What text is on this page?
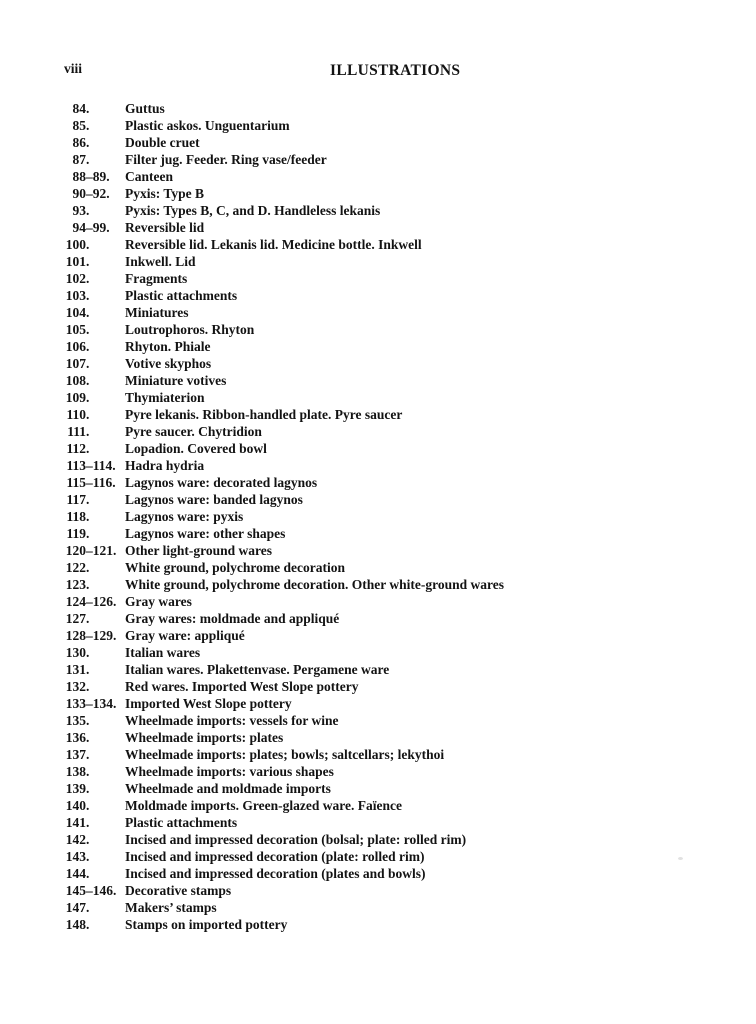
viii	ILLUSTRATIONS
84 .	Guttus
85 .	Plastic askos. Unguentarium
86 .	Double cruet
87 .	Filter jug. Feeder. Ring vase/feeder
88 –89. Canteen
90 –92. Pyxis: Type B
93 .	Pyxis: Types B, C, and D. Handleless lekanis
94 –99. Reversible lid
100 .	Reversible lid. Lekanis lid. Medicine bottle. Inkwell
101 .	Inkwell. Lid
102 .	Fragments
103 .	Plastic attachments
104 .	Miniatures
105 .	Loutrophoros. Rhyton
106 .	Rhyton. Phiale
107 .	Votive skyphos
108 .	Miniature votives
109 .	Thymiaterion
110 .	Pyre lekanis. Ribbon-handled plate. Pyre saucer
111 .	Pyre saucer. Chytridion
112 .	Lopadion. Covered bowl
113 –114. Hadra hydria
115 –116. Lagynos ware: decorated lagynos
117 .	Lagynos ware: banded lagynos
118 .	Lagynos ware: pyxis
119 .	Lagynos ware: other shapes
120 –121. Other light-ground wares
122 .	White ground, polychrome decoration
123 .	White ground, polychrome decoration. Other white-ground wares
124 –126. Gray wares
127 .	Gray wares: moldmade and appliqué
128 –129. Gray ware: appliqué
130 .	Italian wares
131 .	Italian wares. Plakettenvase. Pergamene ware
132 .	Red wares. Imported West Slope pottery
133 –134. Imported West Slope pottery
135 .	Wheelmade imports: vessels for wine
136 .	Wheelmade imports: plates
137 .	Wheelmade imports: plates; bowls; saltcellars; lekythoi
138 .	Wheelmade imports: various shapes
139 .	Wheelmade and moldmade imports
140 .	Moldmade imports. Green-glazed ware. Faïence
141 .	Plastic attachments
142 .	Incised and impressed decoration (bolsal; plate: rolled rim)
143 .	Incised and impressed decoration (plate: rolled rim)
144 .	Incised and impressed decoration (plates and bowls)
145 –146. Decorative stamps
147 .	Makers’ stamps
148 .	Stamps on imported pottery
